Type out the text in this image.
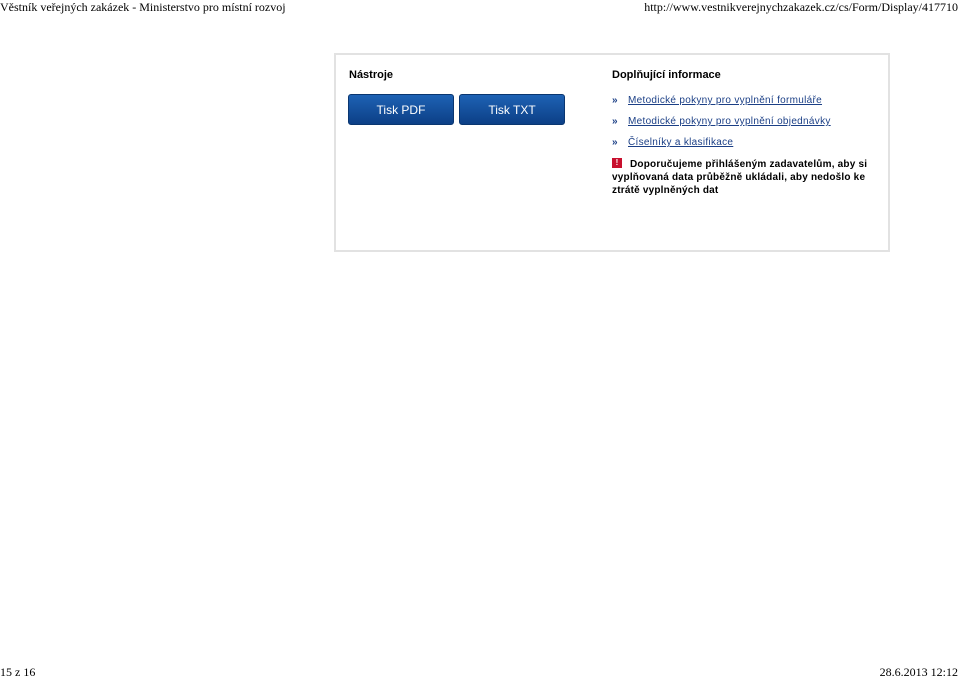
Věstník veřejných zakázek - Ministerstvo pro místní rozvoj	http://www.vestnikverejnychzakazek.cz/cs/Form/Display/417710
Nástroje	Doplňující informace
Tisk PDF	Tisk TXT
» Metodické pokyny pro vyplnění formuláře
» Metodické pokyny pro vyplnění objednávky
» Číselníky a klasifikace
!	Doporučujeme přihlášeným zadavatelům, aby si vyplňovaná data průběžně ukládali, aby nedošlo ke ztrátě vyplněných dat

15 z 16	28.6.2013 12:12
